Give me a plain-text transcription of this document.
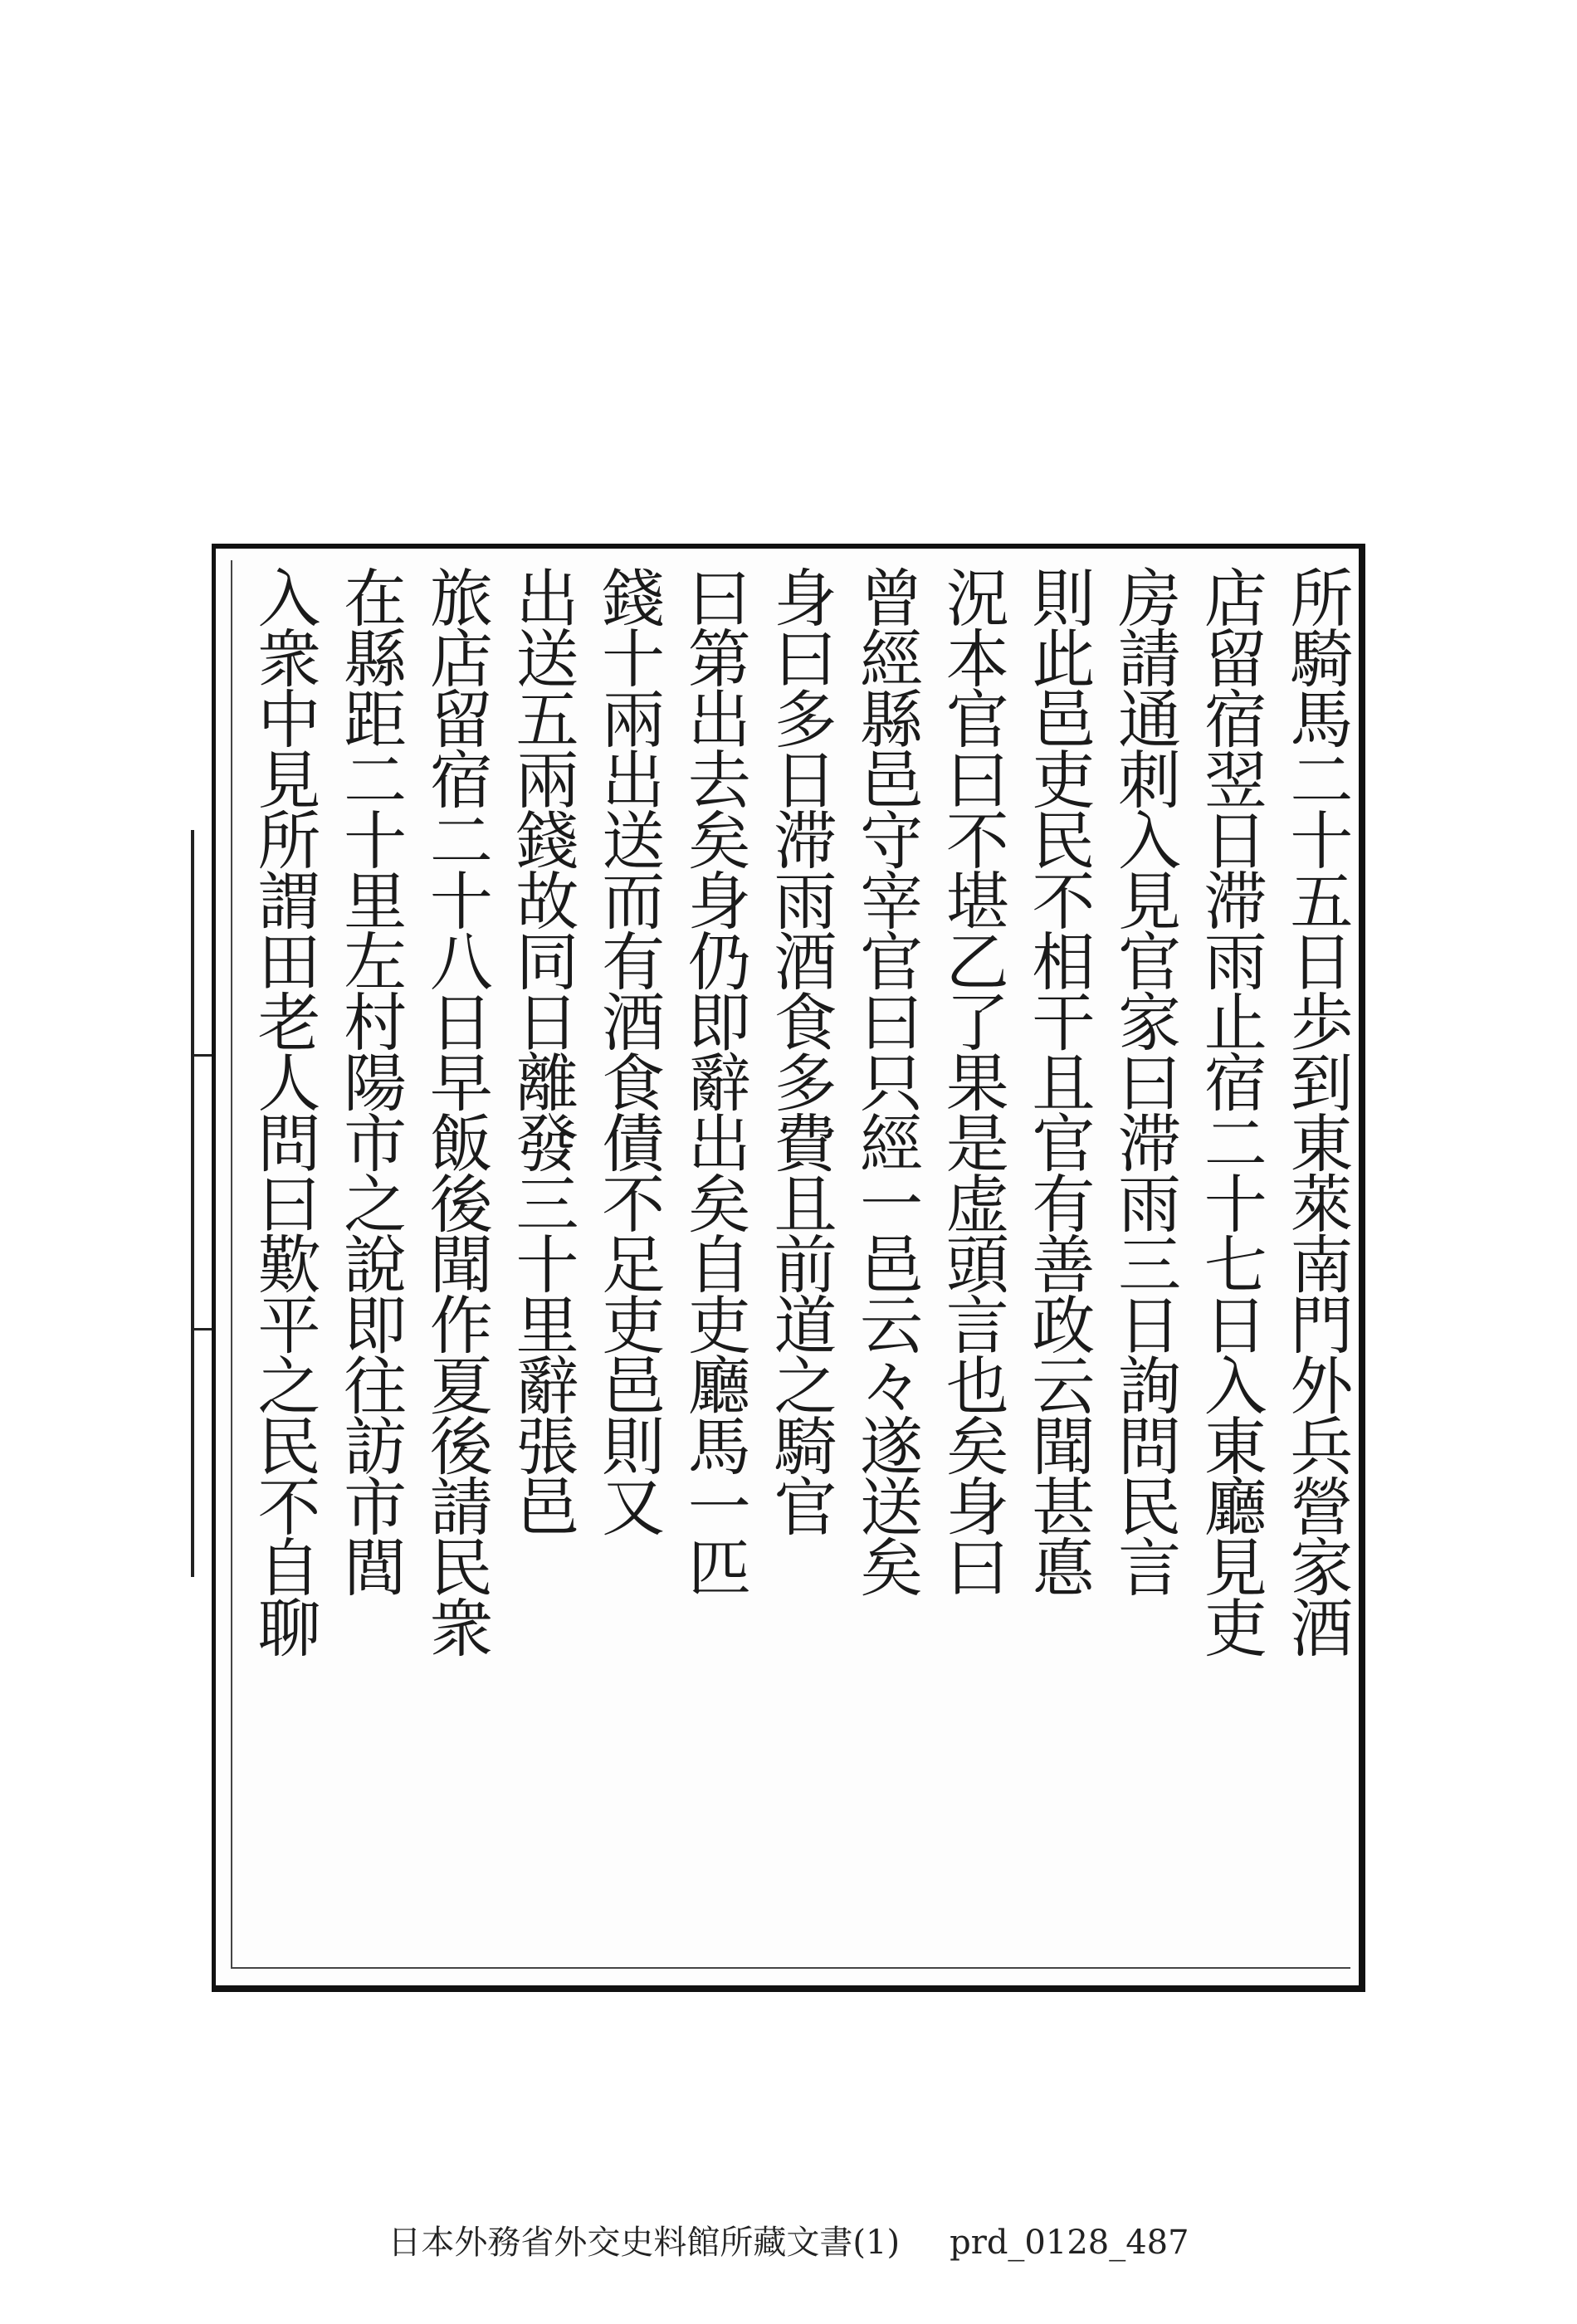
所騎馬二十五日歩到東萊南門外兵營家酒
店留宿翌日滞雨止宿二十七日入東廳見吏
房請通刺入見官家曰滞雨三日詢問民言
則此邑吏民不相干且官有善政云聞甚悳
況本官曰不堪乙了果是虚頭言也矣身曰
曾經縣邑守宰官曰只經一邑云々遂送矣
身曰多日滞雨酒食多費且前道之騎官
曰第出去矣身仍即辭出矣自吏廳馬一匹
錢十兩出送而有酒食債不足吏邑則又
出送五兩錢故同日離發三十里辭張邑
旅店留宿二十八日早飯後聞作夏後請民衆
在縣距二十里左村陽市之說即往訪市閭
入衆中見所謂田老人問曰歎平之民不自聊
日本外務省外交史料館所藏文書(1) prd_0128_487
